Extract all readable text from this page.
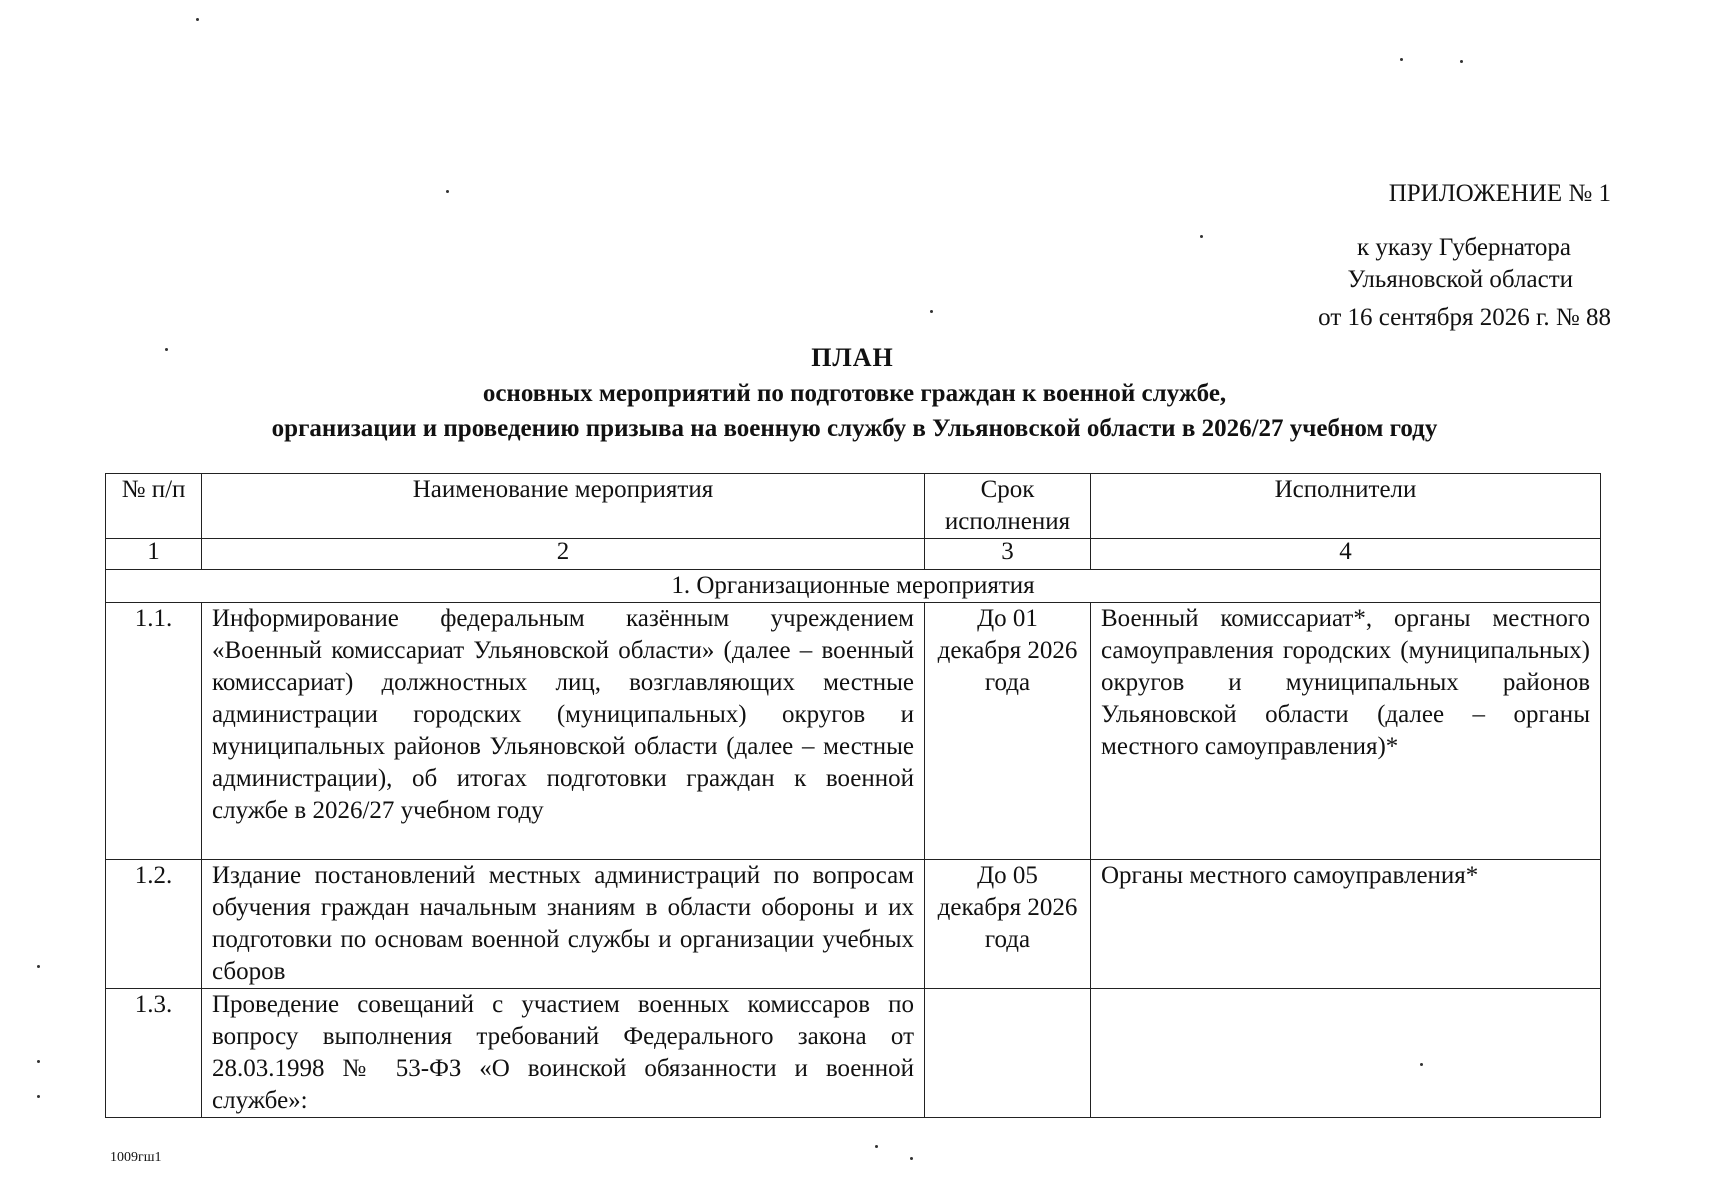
ПРИЛОЖЕНИЕ № 1
к указу Губернатора
Ульяновской области
от 16 сентября 2026 г. № 88
ПЛАН
основных мероприятий по подготовке граждан к военной службе,
организации и проведению призыва на военную службу в Ульяновской области в 2026/27 учебном году
№ п/п	Наименование мероприятия	Срок исполнения	Исполнители
1	2	3	4
1. Организационные мероприятия			
1.1.	Информирование федеральным казённым учреждением «Военный комиссариат Ульяновской области» (далее – военный комиссариат) должностных лиц, возглавляющих местные администрации городских (муниципальных) округов и муниципальных районов Ульяновской области (далее – местные администрации), об итогах подготовки граждан к военной службе в 2026/27 учебном году	До 01 декабря 2026 года	Военный комиссариат*, органы местного самоуправления городских (муниципальных) округов и муниципальных районов Ульяновской области (далее – органы местного самоуправления)*
1.2.	Издание постановлений местных администраций по вопросам обучения граждан начальным знаниям в области обороны и их подготовки по основам военной службы и организации учебных сборов	До 05 декабря 2026 года	Органы местного самоуправления*
1.3.	Проведение совещаний с участием военных комиссаров по вопросу выполнения требований Федерального закона от 28.03.1998 № 53-ФЗ «О воинской обязанности и военной службе»:		
1009гш1
